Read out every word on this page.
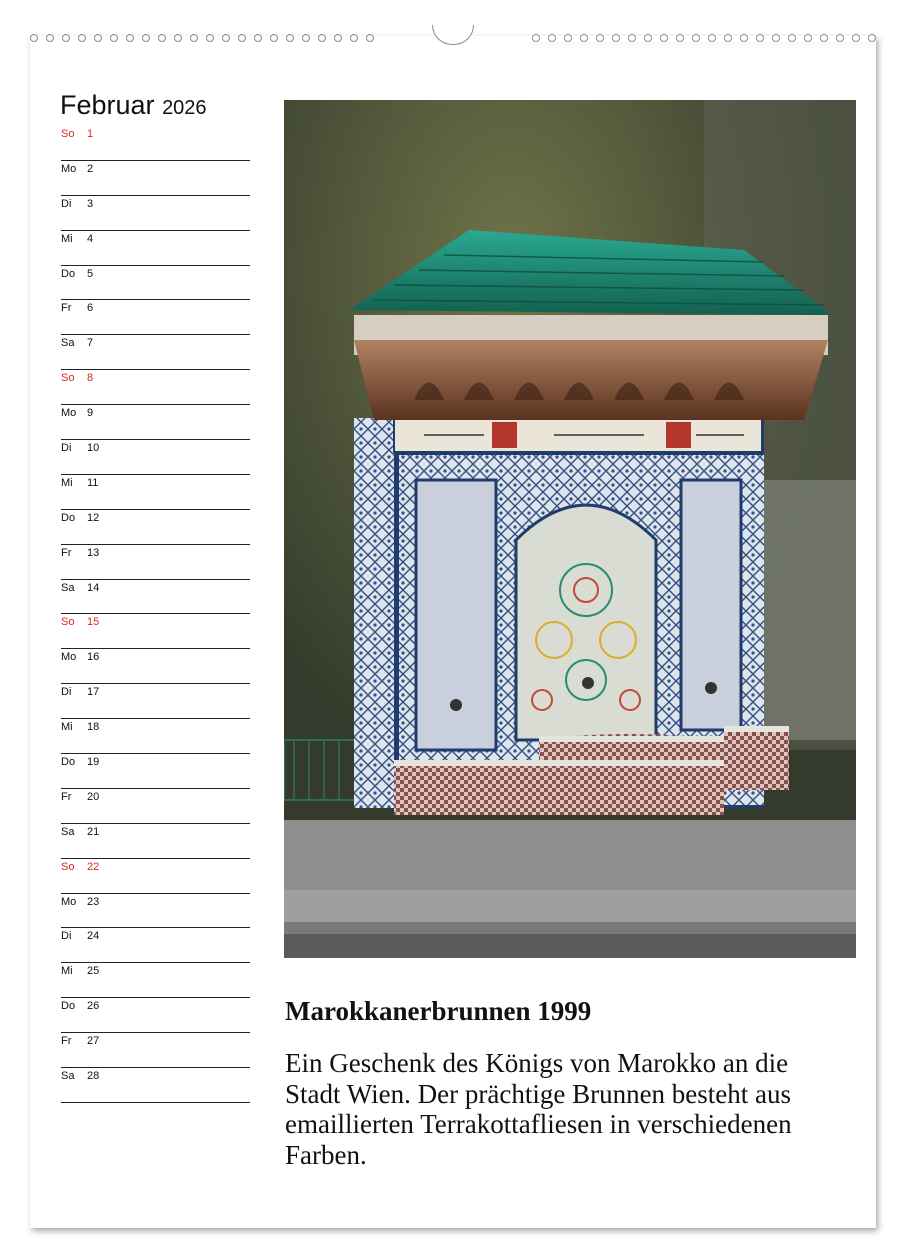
Februar 2026
So 1
Mo 2
Di 3
Mi 4
Do 5
Fr 6
Sa 7
So 8
Mo 9
Di 10
Mi 11
Do 12
Fr 13
Sa 14
So 15
Mo 16
Di 17
Mi 18
Do 19
Fr 20
Sa 21
So 22
Mo 23
Di 24
Mi 25
Do 26
Fr 27
Sa 28
Marokkanerbrunnen 1999
Ein Geschenk des Königs von Marokko an die Stadt Wien. Der prächtige Brunnen besteht aus emaillierten Terrakottafliesen in verschiedenen Farben.
